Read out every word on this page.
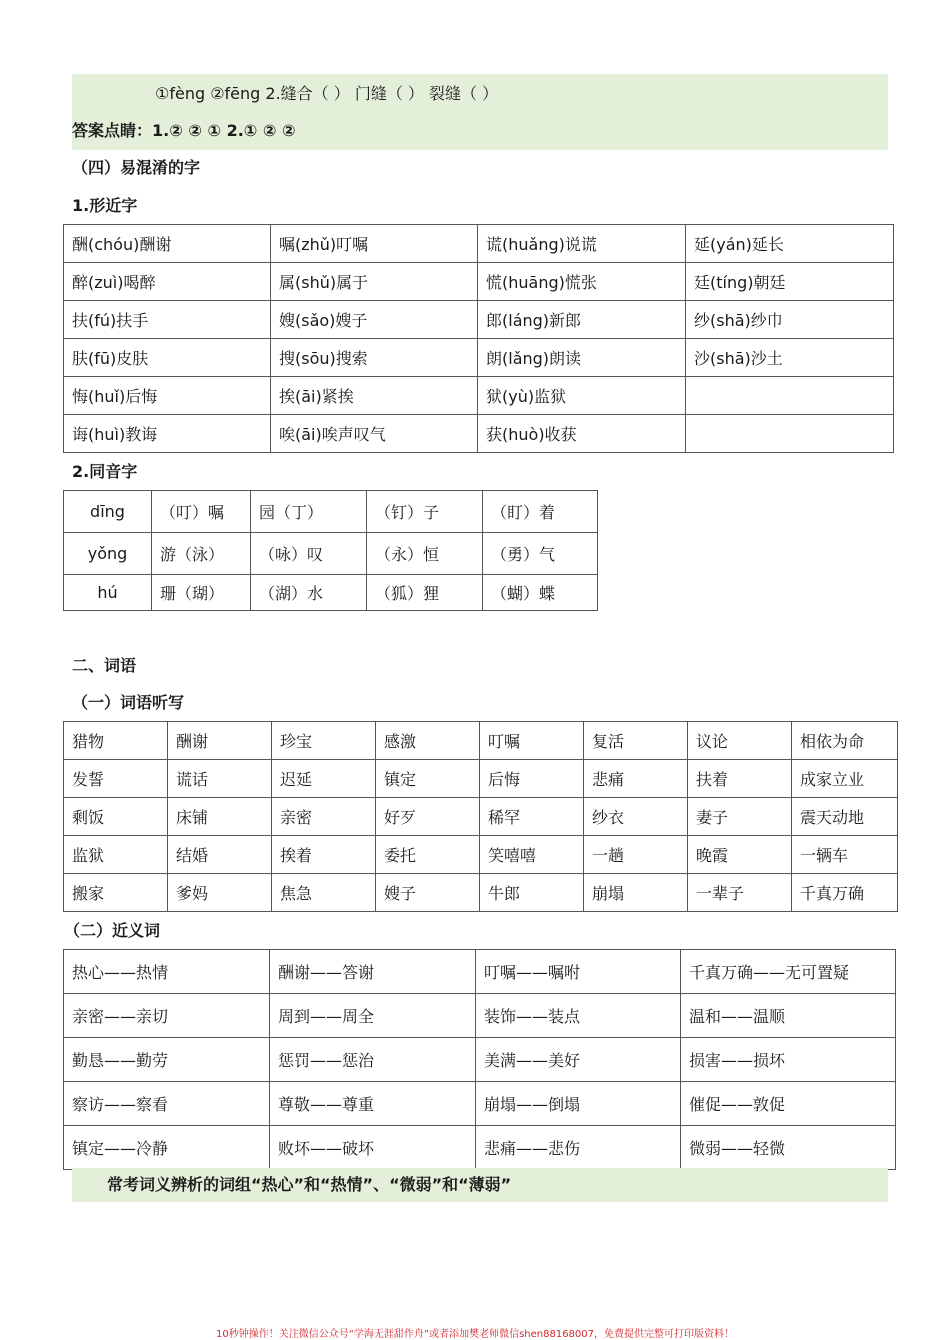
①fèng ②fēng 2.缝合（ ） 门缝（ ） 裂缝（ ）
答案点睛：1.② ② ① 2.① ② ②
（四）易混淆的字
1.形近字
酬(chóu)酬谢	嘱(zhǔ)叮嘱	谎(huǎng)说谎	延(yán)延长
醉(zuì)喝醉	属(shǔ)属于	慌(huāng)慌张	廷(tíng)朝廷
扶(fú)扶手	嫂(sǎo)嫂子	郎(láng)新郎	纱(shā)纱巾
肤(fū)皮肤	搜(sōu)搜索	朗(lǎng)朗读	沙(shā)沙土
悔(huǐ)后悔	挨(āi)紧挨	狱(yù)监狱	
诲(huì)教诲	唉(āi)唉声叹气	获(huò)收获	
2.同音字
dīng	（叮）嘱	园（丁）	（钉）子	（盯）着
yǒng	游（泳）	（咏）叹	（永）恒	（勇）气
hú	珊（瑚）	（湖）水	（狐）狸	（蝴）蝶
二、词语
（一）词语听写
猎物	酬谢	珍宝	感激	叮嘱	复活	议论	相依为命
发誓	谎话	迟延	镇定	后悔	悲痛	扶着	成家立业
剩饭	床铺	亲密	好歹	稀罕	纱衣	妻子	震天动地
监狱	结婚	挨着	委托	笑嘻嘻	一趟	晚霞	一辆车
搬家	爹妈	焦急	嫂子	牛郎	崩塌	一辈子	千真万确
（二）近义词
热心——热情	酬谢——答谢	叮嘱——嘱咐	千真万确——无可置疑
亲密——亲切	周到——周全	装饰——装点	温和——温顺
勤恳——勤劳	惩罚——惩治	美满——美好	损害——损坏
察访——察看	尊敬——尊重	崩塌——倒塌	催促——敦促
镇定——冷静	败坏——破坏	悲痛——悲伤	微弱——轻微
常考词义辨析的词组“热心”和“热情”、“微弱”和“薄弱”
10秒钟操作！关注微信公众号“学海无涯甜作舟”或者添加樊老师微信shen88168007，免费提供完整可打印版资料！
